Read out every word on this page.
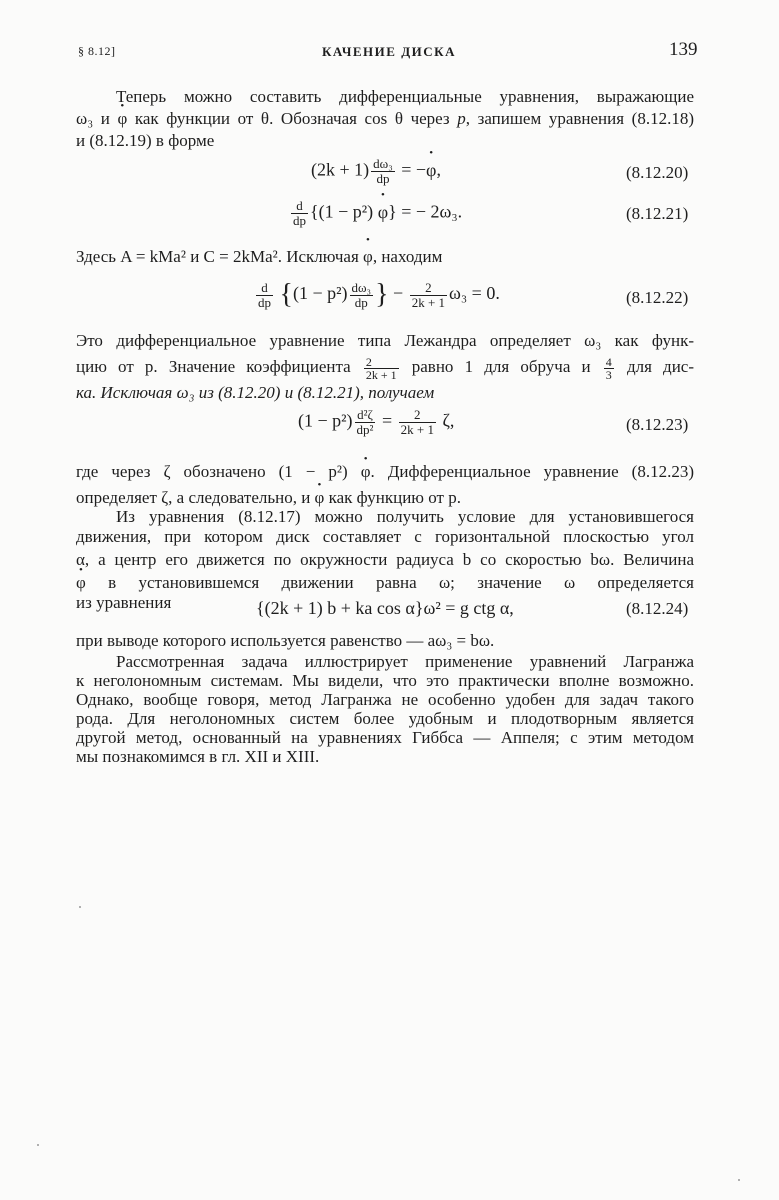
§ 8.12]	КАЧЕНИЕ ДИСКА	139
Теперь можно составить дифференциальные уравнения, выражающие
ω₃ и • φ как функции от θ. Обозначая cos θ через p, запишем уравнения (8.12.18)
и (8.12.19) в форме
$(2k + 1) \frac{\text{dω₃}}{dp}$ = −• φ,	(8.12.20)
$\frac{d}{dp} \{(1 - p^2)$ • φ} = − 2ω₃.	(8.12.21)
Здесь A = kMa² и C = 2kMa². Исключая • φ, находим
$\frac{d}{dp} \{(1 - p^2) \frac{\text{dω₃}}{dp}$ } − $\frac{2}{2k + 1} \omega_3 = 0$.	(8.12.22)
Это дифференциальное уравнение типа Лежандра определяет ω₃ как функ-
цию от p. Значение коэффициента $\frac{2}{2k + 1}$ равно 1 для обруча и $\frac{4}{3}$ для дис-
ка. Исключая ω₃ из (8.12.20) и (8.12.21), получаем
$(1 - p^2) \frac{\text{d²ζ}}{\text{dp²}} = \frac{2}{2k + 1} \zeta$,	(8.12.23)
где через ζ обозначено (1 − p²) • φ. Дифференциальное уравнение (8.12.23)
определяет ζ, а следовательно, и • φ как функцию от p.
Из уравнения (8.12.17) можно получить условие для установившегося
движения, при котором диск составляет с горизонтальной плоскостью угол
α, а центр его движется по окружности радиуса b со скоростью bω. Величина
• φ в установившемся движении равна ω; значение ω определяется
из уравнения	{(2k + 1) b + ka cos α}ω² = g ctg α,	(8.12.24)
при выводе которого используется равенство — aω₃ = bω.
Рассмотренная задача иллюстрирует применение уравнений Лагранжа
к неголономным системам. Мы видели, что это практически вполне возможно.
Однако, вообще говоря, метод Лагранжа не особенно удобен для задач такого
рода. Для неголономных систем более удобным и плодотворным является
другой метод, основанный на уравнениях Гиббса — Аппеля; с этим методом
мы познакомимся в гл. XII и XIII.
